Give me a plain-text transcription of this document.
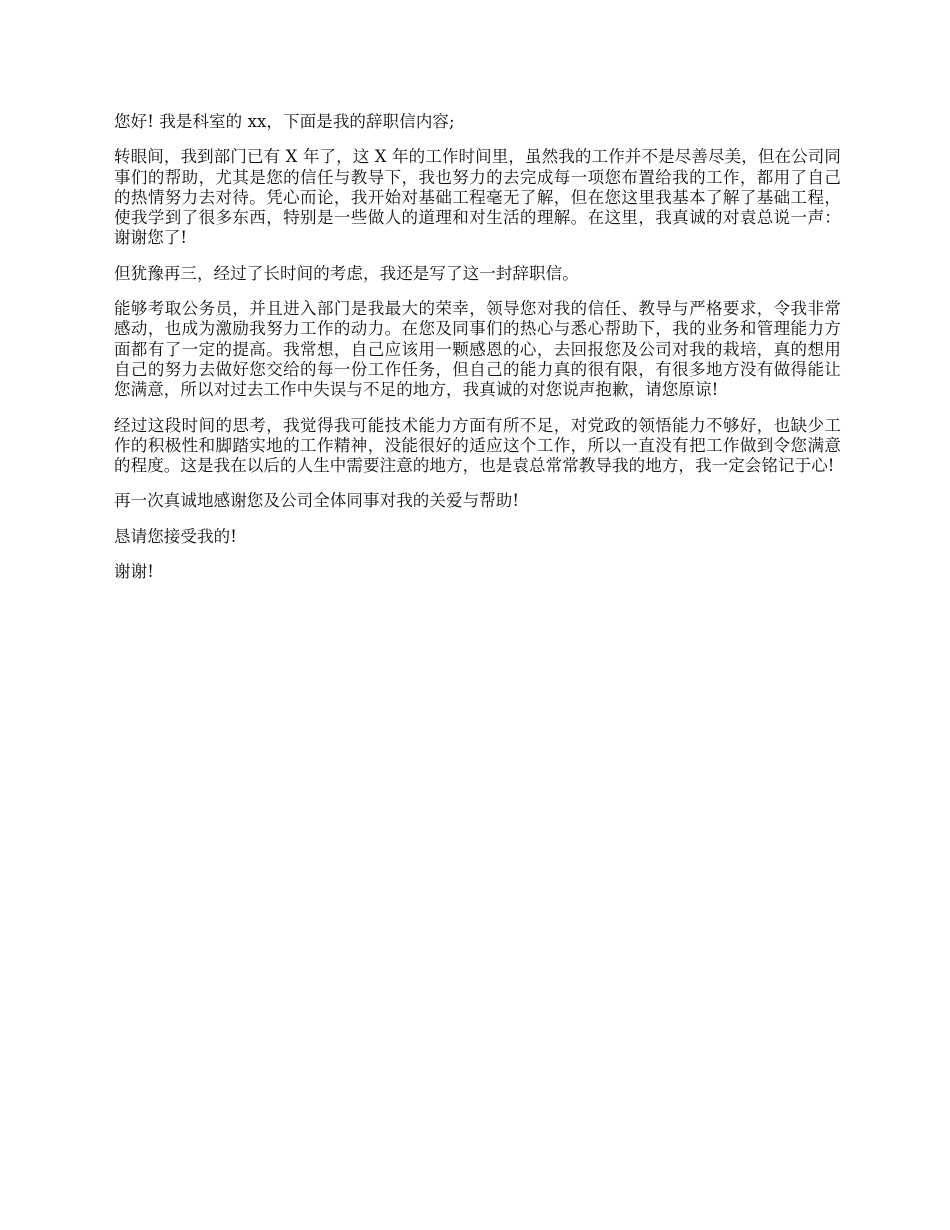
您好! 我是科室的 xx，下面是我的辞职信内容;

转眼间，我到部门已有 X 年了，这 X 年的工作时间里，虽然我的工作并不是尽善尽美，但在公司同事们的帮助，尤其是您的信任与教导下，我也努力的去完成每一项您布置给我的工作，都用了自己的热情努力去对待。凭心而论，我开始对基础工程毫无了解，但在您这里我基本了解了基础工程，使我学到了很多东西，特别是一些做人的道理和对生活的理解。在这里，我真诚的对袁总说一声：谢谢您了!

但犹豫再三，经过了长时间的考虑，我还是写了这一封辞职信。

能够考取公务员，并且进入部门是我最大的荣幸，领导您对我的信任、教导与严格要求，令我非常感动，也成为激励我努力工作的动力。在您及同事们的热心与悉心帮助下，我的业务和管理能力方面都有了一定的提高。我常想，自己应该用一颗感恩的心，去回报您及公司对我的栽培，真的想用自己的努力去做好您交给的每一份工作任务，但自己的能力真的很有限，有很多地方没有做得能让您满意，所以对过去工作中失误与不足的地方，我真诚的对您说声抱歉，请您原谅!

经过这段时间的思考，我觉得我可能技术能力方面有所不足，对党政的领悟能力不够好，也缺少工作的积极性和脚踏实地的工作精神，没能很好的适应这个工作，所以一直没有把工作做到令您满意的程度。这是我在以后的人生中需要注意的地方，也是袁总常常教导我的地方，我一定会铭记于心!

再一次真诚地感谢您及公司全体同事对我的关爱与帮助!

恳请您接受我的!

谢谢!
